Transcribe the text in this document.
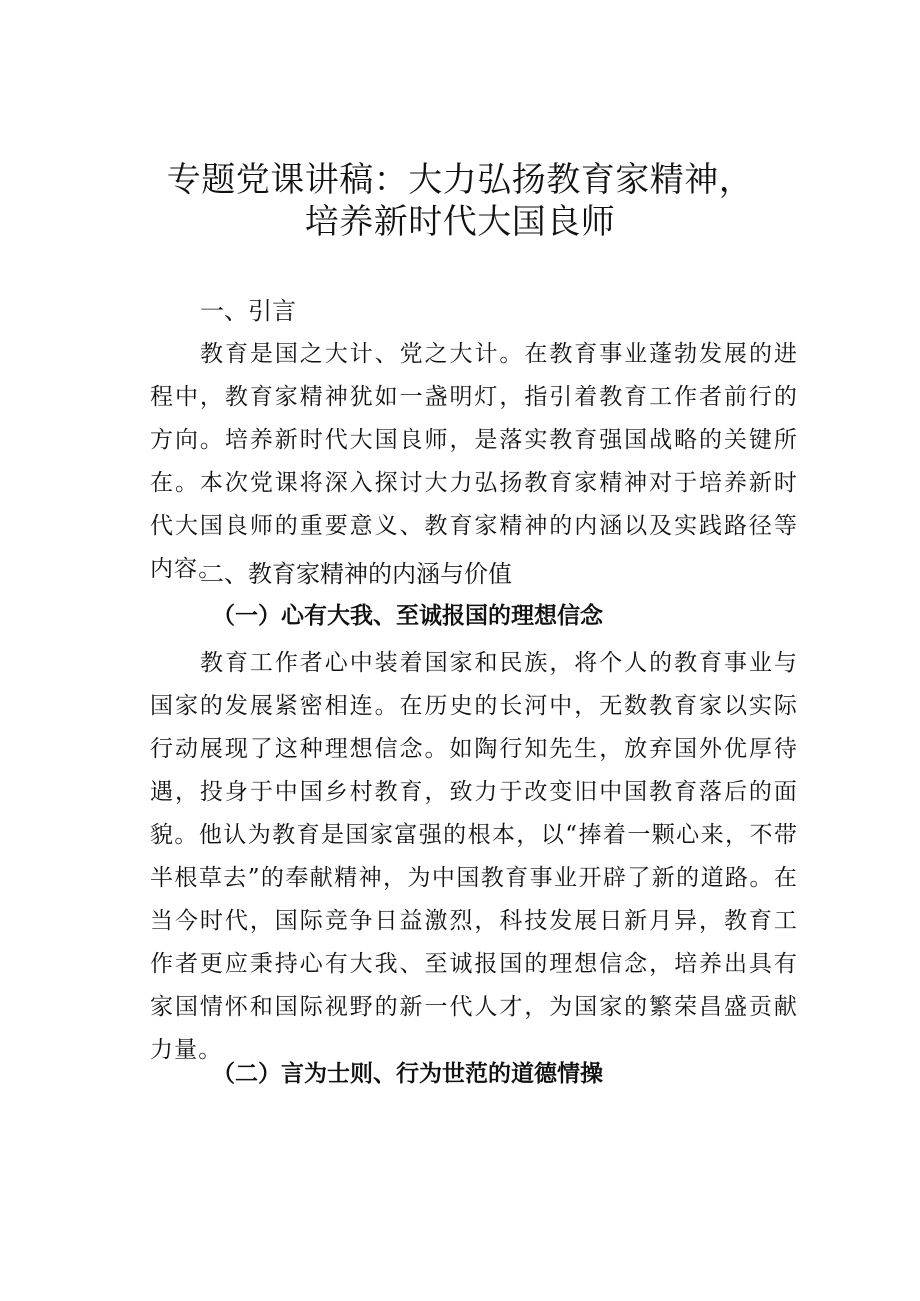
专题党课讲稿：大力弘扬教育家精神，
培养新时代大国良师
一、引言

教育是国之大计、党之大计。在教育事业蓬勃发展的进程中，教育家精神犹如一盏明灯，指引着教育工作者前行的方向。培养新时代大国良师，是落实教育强国战略的关键所在。本次党课将深入探讨大力弘扬教育家精神对于培养新时代大国良师的重要意义、教育家精神的内涵以及实践路径等内容。

二、教育家精神的内涵与价值
（一）心有大我、至诚报国的理想信念

教育工作者心中装着国家和民族，将个人的教育事业与国家的发展紧密相连。在历史的长河中，无数教育家以实际行动展现了这种理想信念。如陶行知先生，放弃国外优厚待遇，投身于中国乡村教育，致力于改变旧中国教育落后的面貌。他认为教育是国家富强的根本，以“捧着一颗心来，不带半根草去”的奉献精神，为中国教育事业开辟了新的道路。在当今时代，国际竞争日益激烈，科技发展日新月异，教育工作者更应秉持心有大我、至诚报国的理想信念，培养出具有家国情怀和国际视野的新一代人才，为国家的繁荣昌盛贡献力量。

（二）言为士则、行为世范的道德情操
